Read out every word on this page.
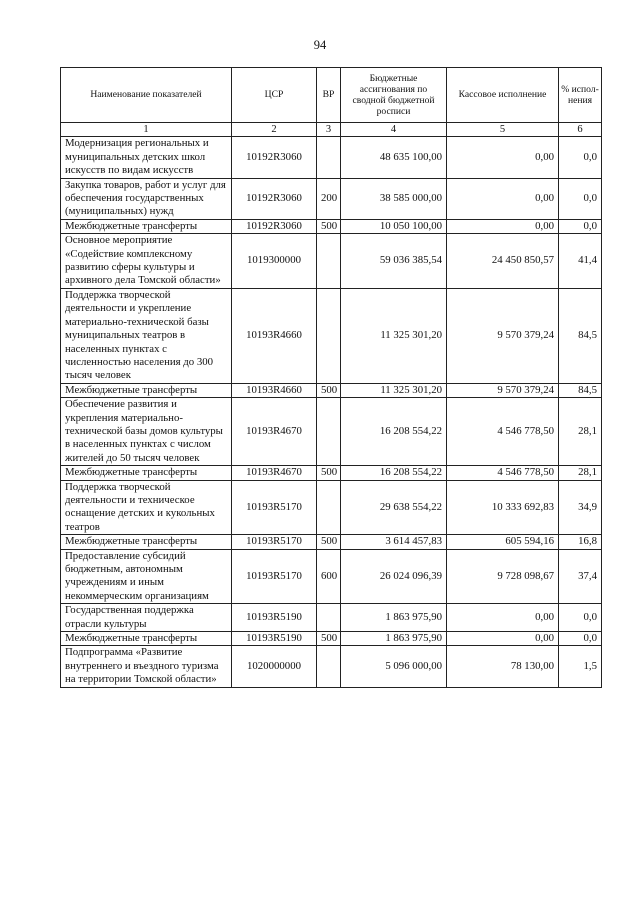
94
Наименование показателей	ЦСР	ВР	Бюджетные ассигнования по сводной бюджетной росписи	Кассовое исполнение	% испол-нения
1	2	3	4	5	6
Модернизация региональных и муниципальных детских школ искусств по видам искусств	10192R3060		48 635 100,00	0,00	0,0
Закупка товаров, работ и услуг для обеспечения государственных (муниципальных) нужд	10192R3060	200	38 585 000,00	0,00	0,0
Межбюджетные трансферты	10192R3060	500	10 050 100,00	0,00	0,0
Основное мероприятие «Содействие комплексному развитию сферы культуры и архивного дела Томской области»	1019300000		59 036 385,54	24 450 850,57	41,4
Поддержка творческой деятельности и укрепление материально-технической базы муниципальных театров в населенных пунктах с численностью населения до 300 тысяч человек	10193R4660		11 325 301,20	9 570 379,24	84,5
Межбюджетные трансферты	10193R4660	500	11 325 301,20	9 570 379,24	84,5
Обеспечение развития и укрепления материально-технической базы домов культуры в населенных пунктах с числом жителей до 50 тысяч человек	10193R4670		16 208 554,22	4 546 778,50	28,1
Межбюджетные трансферты	10193R4670	500	16 208 554,22	4 546 778,50	28,1
Поддержка творческой деятельности и техническое оснащение детских и кукольных театров	10193R5170		29 638 554,22	10 333 692,83	34,9
Межбюджетные трансферты	10193R5170	500	3 614 457,83	605 594,16	16,8
Предоставление субсидий бюджетным, автономным учреждениям и иным некоммерческим организациям	10193R5170	600	26 024 096,39	9 728 098,67	37,4
Государственная поддержка отрасли культуры	10193R5190		1 863 975,90	0,00	0,0
Межбюджетные трансферты	10193R5190	500	1 863 975,90	0,00	0,0
Подпрограмма «Развитие внутреннего и въездного туризма на территории Томской области»	1020000000		5 096 000,00	78 130,00	1,5
